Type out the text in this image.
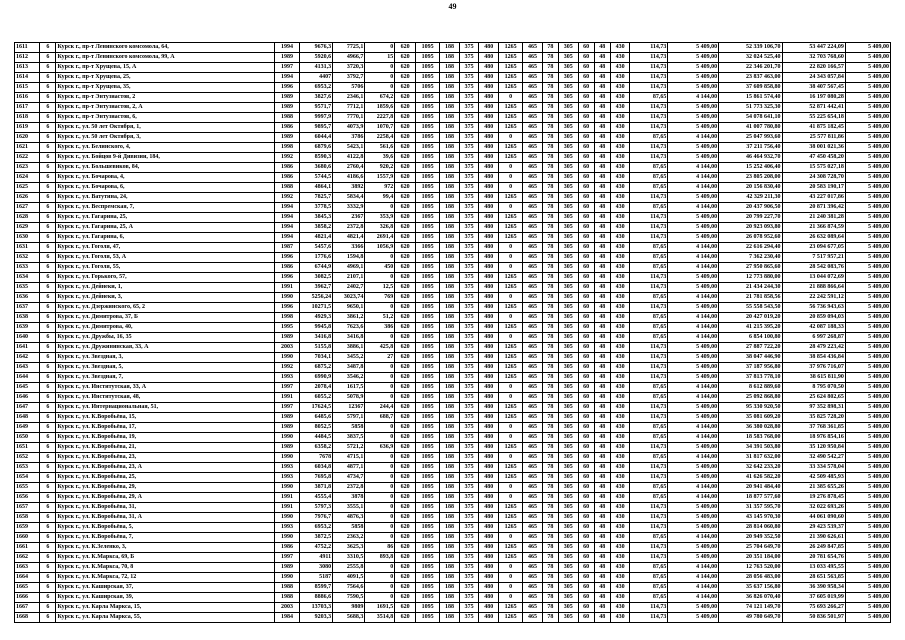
49
1611	6	Курск г., пр-т Ленинского комсомола, 64,	1994	9676,3	7725,1	0	620	1095	188	375	480	1265	465	78	305	60	48	430	114,73	5 409,00	52 339 106,70	53 447 224,09	5 409,00
1612	6	Курск г., пр-т Ленинского комсомола, 99, А	1989	5920,6	4966,7	15	620	1095	188	375	480	1265	465	78	305	60	48	430	114,73	5 409,00	32 024 525,40	32 703 768,60	5 409,00
1613	6	Курск г., пр-т Хрущева, 15, А	1997	4131,3	3720,3	0	620	1095	188	375	480	1265	465	78	305	60	48	430	114,73	5 409,00	22 346 201,70	22 820 166,57	5 409,00
1614	6	Курск г., пр-т Хрущева, 25,	1994	4407	3792,7	0	620	1095	188	375	480	1265	465	78	305	60	48	430	114,73	5 409,00	23 837 463,00	24 343 057,84	5 409,00
1615	6	Курск г., пр-т Хрущева, 35,	1996	6953,2	5706	0	620	1095	188	375	480	1265	465	78	305	60	48	430	114,73	5 409,00	37 609 858,80	38 407 567,45	5 409,00
1616	6	Курск г., пр-т Энтузиастов, 2	1989	3827,6	2346,1	674,2	620	1095	188	375	480	0	465	78	305	60	48	430	87,65	4 144,00	15 861 574,40	16 197 080,28	5 409,00
1617	6	Курск г., пр-т Энтузиастов, 2, А	1989	9571,7	7712,1	1859,6	620	1095	188	375	480	1265	465	78	305	60	48	430	114,73	5 409,00	51 773 325,30	52 871 442,41	5 409,00
1618	6	Курск г., пр-т Энтузиастов, 6,	1988	9997,9	7770,1	2227,8	620	1095	188	375	480	1265	465	78	305	60	48	430	114,73	5 409,00	54 078 641,10	55 225 654,18	5 409,00
1619	6	Курск г., ул. 50 лет Октября, 1,	1986	9895,7	4073,9	1070,7	620	1095	188	375	480	1265	465	78	305	60	48	430	114,73	5 409,00	41 007 780,80	41 875 182,45	5 409,00
1620	6	Курск г., ул. 50 лет Октября, 3,	1989	6044,4	3786	2258,4	620	1095	188	375	480	0	465	78	305	60	48	430	87,65	4 144,00	25 047 993,60	25 577 811,86	5 409,00
1621	6	Курск г., ул. Белинского, 4,	1998	6879,6	5423,1	561,6	620	1095	188	375	480	1265	465	78	305	60	48	430	114,73	5 409,00	37 211 756,40	38 001 021,36	5 409,00
1622	6	Курск г., ул. Бойцов 9-й Дивизии, 184,	1992	8590,3	4122,8	39,6	620	1095	188	375	480	1265	465	78	305	60	48	430	114,73	5 409,00	46 464 932,70	47 450 458,20	5 409,00
1623	6	Курск г., ул. Большевиков, 84,	1986	3680,6	2760,4	920,2	620	1095	188	375	480	0	465	78	305	60	48	430	87,65	4 144,00	15 252 406,40	15 575 027,18	5 409,00
1624	6	Курск г., ул. Бочарова, 4,	1986	5744,5	4186,6	1557,9	620	1095	188	375	480	0	465	78	305	60	48	430	87,65	4 144,00	23 805 208,00	24 308 728,70	5 409,00
1625	6	Курск г., ул. Бочарова, 6,	1988	4864,1	3892	972	620	1095	188	375	480	0	465	78	305	60	48	430	87,65	4 144,00	20 156 830,40	20 583 190,17	5 409,00
1626	6	Курск г., ул. Ватутина, 24,	1992	7825,7	5834,4	99,4	620	1095	188	375	480	1265	465	78	305	60	48	430	114,73	5 409,00	42 329 211,30	43 227 017,86	5 409,00
1627	6	Курск г., ул. Веспремская, 7,	1994	3778,5	3332,9	0	620	1095	188	375	480	0	465	78	305	60	48	430	87,65	4 144,00	20 437 906,50	20 871 396,42	5 409,00
1628	6	Курск г., ул. Гагарина, 25,	1994	3845,3	2367	353,9	620	1095	188	375	480	1265	465	78	305	60	48	430	114,73	5 409,00	20 799 227,70	21 240 381,28	5 409,00
1629	6	Курск г., ул. Гагарина, 25, А	1994	3858,2	2372,8	326,8	620	1095	188	375	480	1265	465	78	305	60	48	430	114,73	5 409,00	20 923 093,80	21 366 874,59	5 409,00
1630	6	Курск г., ул. Гагарина, 6,	1994	4821,4	4821,4	2691,4	620	1095	188	375	480	1265	465	78	305	60	48	430	114,73	5 409,00	26 078 952,60	26 632 089,64	5 409,00
1631	6	Курск г., ул. Гоголя, 47,	1987	5457,6	3366	1056,9	620	1095	188	375	480	0	465	78	305	60	48	430	87,65	4 144,00	22 616 294,40	23 094 677,05	5 409,00
1632	6	Курск г., ул. Гоголя, 53, А	1996	1776,6	1594,8	0	620	1095	188	375	480	0	465	78	305	60	48	430	87,65	4 144,00	7 362 230,40	7 517 957,21	5 409,00
1633	6	Курск г., ул. Гоголя, 55,	1986	6744,9	4969,1	450	620	1095	188	375	480	0	465	78	305	60	48	430	87,65	4 144,00	27 950 865,60	28 542 083,76	5 409,00
1634	6	Курск г., ул. Горького, 57,	1996	3082,5	2107,1	0	620	1095	188	375	480	1265	465	78	305	60	48	430	114,73	5 409,00	12 773 880,00	13 044 072,69	5 409,00
1635	6	Курск г., ул. Дейнеки, 1,	1991	3962,7	2402,7	12,5	620	1095	188	375	480	1265	465	78	305	60	48	430	114,73	5 409,00	21 434 244,30	21 888 866,64	5 409,00
1636	6	Курск г., ул. Дейнеки, 3,	1990	5256,24	3023,74	769	620	1095	188	375	480	0	465	78	305	60	48	430	87,65	4 144,00	21 781 858,56	22 242 591,12	5 409,00
1637	6	Курск г., ул. Дзержинского, 65, 2	1996	10271,5	9650,1	0	620	1095	188	375	480	1265	465	78	305	60	48	430	114,73	5 409,00	55 558 543,50	56 736 943,63	5 409,00
1638	6	Курск г., ул. Димитрова, 37, Б	1998	4929,3	3861,2	51,2	620	1095	188	375	480	0	465	78	305	60	48	430	87,65	4 144,00	20 427 019,20	20 859 094,03	5 409,00
1639	6	Курск г., ул. Димитрова, 40,	1995	9945,8	7623,6	386	620	1095	188	375	480	1265	465	78	305	60	48	430	87,65	4 144,00	41 215 395,20	42 087 188,33	5 409,00
1640	6	Курск г., ул. Дружбы, 16, 35	1989	3416,8	3416,8	0	620	1095	188	375	480	0	465	78	305	60	48	430	87,65	4 144,00	6 854 100,80	6 997 268,87	5 409,00
1641	6	Курск г., ул. Дружининская, 33, А	2003	5155,8	3886,1	425,8	620	1095	188	375	480	1265	465	78	305	60	48	430	114,73	5 409,00	27 887 722,20	28 479 223,42	5 409,00
1642	6	Курск г., ул. Звездная, 3,	1990	7034,1	3455,2	27	620	1095	188	375	480	1265	465	78	305	60	48	430	114,73	5 409,00	38 047 446,90	38 854 436,84	5 409,00
1643	6	Курск г., ул. Звездная, 5,	1992	6875,2	3487,8	0	620	1095	188	375	480	1265	465	78	305	60	48	430	114,73	5 409,00	37 187 956,80	37 976 716,07	5 409,00
1644	6	Курск г., ул. Звездная, 7,	1993	6990,9	3546,2	0	620	1095	188	375	480	1265	465	78	305	60	48	430	114,73	5 409,00	37 813 778,10	38 615 811,90	5 409,00
1645	6	Курск г., ул. Институтская, 33, А	1997	2078,4	1617,5	0	620	1095	188	375	480	0	465	78	305	60	48	430	87,65	4 144,00	8 612 889,60	8 795 070,50	5 409,00
1646	6	Курск г., ул. Институтская, 48,	1991	6055,2	5078,9	0	620	1095	188	375	480	0	465	78	305	60	48	430	87,65	4 144,00	25 092 868,80	25 624 802,65	5 409,00
1647	6	Курск г., ул. Интернациональная, 51,	1997	17624,5	12367	244,4	620	1095	188	375	480	1265	465	78	305	60	48	430	114,73	5 409,00	95 330 920,50	97 352 898,31	5 409,00
1648	6	Курск г., ул. К.Воробьёва, 15,	1989	6485,6	5797,1	688,7	620	1095	188	375	480	1265	465	78	305	60	48	430	114,73	5 409,00	35 081 609,20	35 825 728,20	5 409,00
1649	6	Курск г., ул. К.Воробьёва, 17,	1989	8052,5	5858	0	620	1095	188	375	480	0	465	78	305	60	48	430	87,65	4 144,00	36 380 028,80	37 768 361,85	5 409,00
1650	6	Курск г., ул. К.Воробьёва, 19,	1990	4484,5	3837,5	0	620	1095	188	375	480	0	465	78	305	60	48	430	87,65	4 144,00	18 583 768,00	18 976 854,16	5 409,00
1651	6	Курск г., ул. К.Воробьёва, 21,	1989	6358,2	5721,2	636,9	620	1095	188	375	480	1265	465	78	305	60	48	430	114,73	5 409,00	34 391 503,80	35 120 950,84	5 409,00
1652	6	Курск г., ул. К.Воробьёва, 23,	1990	7678	4715,1	0	620	1095	188	375	480	0	465	78	305	60	48	430	87,65	4 144,00	31 817 632,00	32 490 542,27	5 409,00
1653	6	Курск г., ул. К.Воробьёва, 23, А	1993	6034,8	4877,1	0	620	1095	188	375	480	1265	465	78	305	60	48	430	114,73	5 409,00	32 642 233,20	33 334 578,04	5 409,00
1654	6	Курск г., ул. К.Воробьёва, 25,	1993	7695,8	4734,7	0	620	1095	188	375	480	1265	465	78	305	60	48	430	114,73	5 409,00	41 626 582,20	42 509 485,93	5 409,00
1655	6	Курск г., ул. К.Воробьёва, 29,	1990	3871,8	2372,8	0	620	1095	188	375	480	0	465	78	305	60	48	430	87,65	4 144,00	20 941 484,40	21 385 655,26	5 409,00
1656	6	Курск г., ул. К.Воробьёва, 29, А	1991	4555,4	3878	0	620	1095	188	375	480	0	465	78	305	60	48	430	87,65	4 144,00	18 877 577,60	19 276 878,45	5 409,00
1657	6	Курск г., ул. К.Воробьёва, 31,	1991	5797,3	3555,1	0	620	1095	188	375	480	1265	465	78	305	60	48	430	114,73	5 409,00	31 357 595,70	32 022 693,26	5 409,00
1658	6	Курск г., ул. К.Воробьёва, 31, А	1990	7976,7	4876,3	0	620	1095	188	375	480	1265	465	78	305	60	48	430	114,73	5 409,00	43 145 970,30	44 061 090,60	5 409,00
1659	6	Курск г., ул. К.Воробьёва, 5,	1993	6953,2	5858	0	620	1095	188	375	480	1265	465	78	305	60	48	430	114,73	5 409,00	28 814 060,80	29 423 539,37	5 409,00
1660	6	Курск г., ул. К.Воробьёва, 7,	1990	3872,5	2363,2	0	620	1095	188	375	480	0	465	78	305	60	48	430	87,65	4 144,00	20 949 352,50	21 390 626,61	5 409,00
1661	6	Курск г., ул. К.Зеленко, 3,	1986	4752,2	3625,3	86	620	1095	188	375	480	1265	465	78	305	60	48	430	114,73	5 409,00	25 704 649,70	26 249 847,85	5 409,00
1662	6	Курск г., ул. К.Маркса, 69, Б	1997	4911	3310,5	893,8	620	1095	188	375	480	1265	465	78	305	60	48	430	114,73	5 409,00	20 351 184,00	20 781 654,76	5 409,00
1663	6	Курск г., ул. К.Маркса, 70, 8	1989	3080	2555,8	0	620	1095	188	375	480	0	465	78	305	60	48	430	87,65	4 144,00	12 763 520,00	13 033 495,55	5 409,00
1664	6	Курск г., ул. К.Маркса, 72, 12	1990	5187	4091,5	0	620	1095	188	375	480	0	465	78	305	60	48	430	87,65	4 144,00	28 056 483,00	28 651 563,85	5 409,00
1665	6	Курск г., ул. Каширская, 37,	1988	8599,7	7564,6	0	620	1095	188	375	480	0	465	78	305	60	48	430	87,65	4 144,00	35 637 156,80	36 390 958,34	5 409,00
1666	6	Курск г., ул. Каширская, 39,	1988	8886,6	7590,5	0	620	1095	188	375	480	0	465	78	305	60	48	430	87,65	4 144,00	36 826 070,40	37 605 019,99	5 409,00
1667	6	Курск г., ул. Карла Маркса, 15,	2003	13703,3	9809	1691,5	620	1095	188	375	480	1265	465	78	305	60	48	430	114,73	5 409,00	74 121 149,70	75 693 266,27	5 409,00
1668	6	Курск г., ул. Карла Маркса, 55,	1984	9203,3	5688,3	3514,8	620	1095	188	375	480	1265	465	78	305	60	48	430	114,73	5 409,00	49 780 649,70	50 836 501,97	5 409,00
